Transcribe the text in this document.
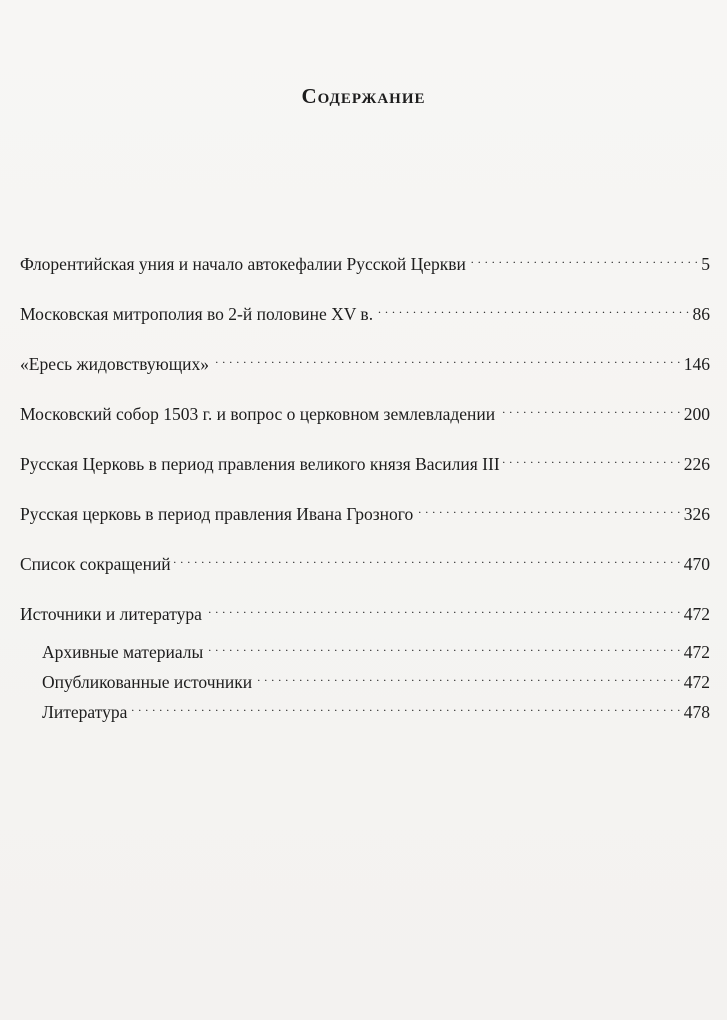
Содержание
Флорентийская уния и начало автокефалии Русской Церкви . . .	5
Московская митрополия во 2-й половине XV в. . . .	86
«Ересь жидовствующих» . . .	146
Московский собор 1503 г. и вопрос о церковном землевладении . . .	200
Русская Церковь в период правления великого князя Василия III . . .	226
Русская церковь в период правления Ивана Грозного . . .	326
Список сокращений . . .	470
Источники и литература . . .	472
Архивные материалы . . .	472
Опубликованные источники . . .	472
Литература . . .	478
